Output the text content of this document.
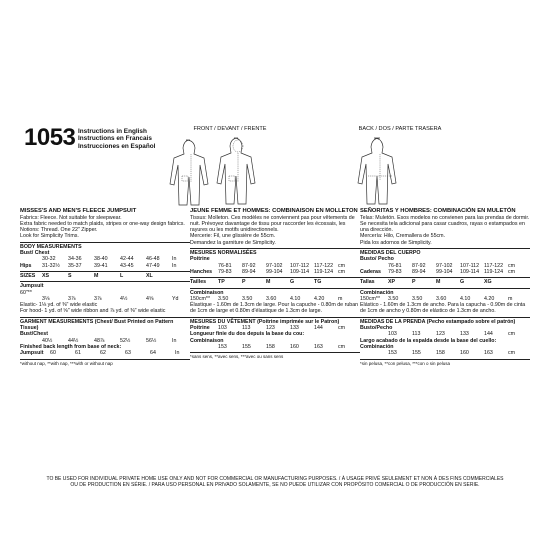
1053 Instructions in English
Instructions en Francais
Instrucciones en Español
FRONT / DEVANT / FRENTE	BACK / DOS / PARTE TRASERA
MISSES'S AND MEN'S FLEECE JUMPSUIT
Fabrics: Fleece. Not suitable for sleepwear.
Extra fabric needed to match plaids, stripes or one-way design fabrics.
Notions: Thread. One 22" Zipper.
Look for Simplicity Trims.
BODY MEASUREMENTS
Bust/ Chest
30-32	34-36	38-40	42-44	46-48	In
Hips	31-32½	35-37	39-41	43-45	47-49	In
SIZES	XS	S	M	L	XL
Jumpsuit
60"**
3⅛	3⅞	3⅞	4½	4⅝	Yd
Elastic- 1⅛ yd. of ⅜" wide elastic
For hood- 1 yd. of ⅝" wide ribbon and ⅞ yd. of ⅜" wide elastic
GARMENT MEASUREMENTS (Chest/ Bust Printed on Pattern Tissue)
Bust/Chest
40½	44½	48⅞	52½	56½	In
Finished back length from base of neck:
Jumpsuit	60	61	62	63	64	In
*without nap, **with nap, ***with or without nap
JEUNE FEMME ET HOMMES: COMBINAISON EN MOLLETON
Tissus: Molleton. Ces modèles ne conviennent pas pour vêtements de nuit. Prévoyez davantage de tissu pour raccorder les écossais, les rayures ou les motifs unidirectionnels.
Mercerie: Fil, une glissière de 55cm.
Demandez la garniture de Simplicity.
MESURES NORMALISÉES
Poitrine
76-81	87-92	97-102	107-112 117-122 cm
Hanches	79-83	89-94	99-104	109-114 119-124 cm
Tailles	TP	P	M	G	TG
Combinaison
150cm**	3.50	3.50	3.60	4.10	4.20	m
Élastique - 1.60m de 1.3cm de large. Pour la capuche - 0.80m de ruban de 1cm de large et 0.80m d'élastique de 1.3cm de large.
MESURES DU VÊTEMENT (Poitrine imprimée sur le Patron)
Poitrine	103	113	123	133	144	cm
Longueur finie du dos depuis la base du cou:
Combinaison
153	155	158	160	163	cm
*sans sens, **avec sens, ***avec ou sans sens
SEÑORITAS Y HOMBRES: COMBINACIÓN EN MULETÓN
Telas: Muletón. Esos modelos no convienen para las prendas de dormir. Se necesita tela adicional para casar cuadros, rayas o estampados en una dirección.
Mercería: Hilo, Cremallera de 55cm.
Pida los adornos de Simplicity.
MEDIDAS DEL CUERPO
Busto/ Pecho
76-81	87-92	97-102	107-112 117-122 cm
Caderas	79-83	89-94	99-104	109-114 119-124 cm
Tallas	XP	P	M	G	XG
Combinación
150cm**	3.50	3.50	3.60	4.10	4.20	m
Elástico - 1.60m de 1.3cm de ancho. Para la capucha - 0.90m de cinta de 1cm de ancho y 0.80m de elástico de 1.3cm de ancho.
MEDIDAS DE LA PRENDA (Pecho estampado sobre el patrón)
Busto/Pecho
103	113	123	133	144	cm
Largo acabado de la espalda desde la base del cuello:
Combinación
153	155	158	160	163	cm
*sin pelusa, **con pelusa, ***con o sin pelusa
TO BE USED FOR INDIVIDUAL PRIVATE HOME USE ONLY AND NOT FOR COMMERCIAL OR MANUFACTURING PURPOSES. / À USAGE PRIVÉ SEULEMENT ET NON À DES FINS COMMERCIALES
OU DE PRODUCTION EN SÉRIE. / PARA USO PERSONAL EN PRIVADO SOLAMENTE, SE NO PUEDE UTILIZAR CON PROPÓSITO COMERCIAL O DE PRODUCCIÓN EN SERIE.
